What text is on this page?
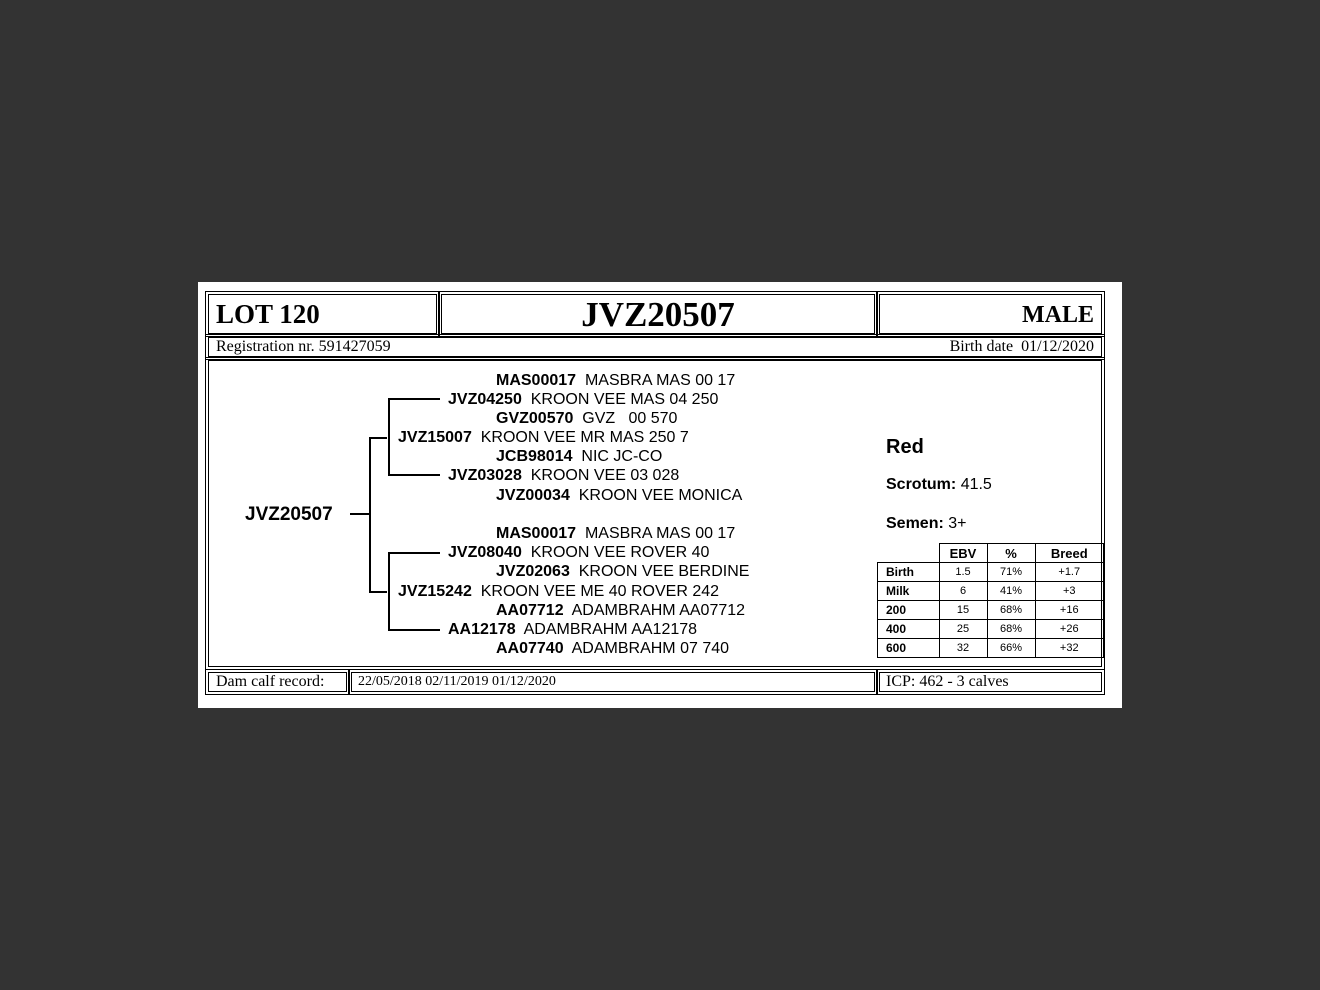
LOT 120	JVZ20507	MALE
Registration nr. 591427059	Birth date 01/12/2020
JVZ20507
MAS00017 MASBRA MAS 00 17
JVZ04250 KROON VEE MAS 04 250
GVZ00570 GVZ   00 570
JVZ15007 KROON VEE MR MAS 250 7
JCB98014 NIC JC-CO
JVZ03028 KROON VEE 03 028
JVZ00034 KROON VEE MONICA
MAS00017 MASBRA MAS 00 17
JVZ08040 KROON VEE ROVER 40
JVZ02063 KROON VEE BERDINE
JVZ15242 KROON VEE ME 40 ROVER 242
AA07712 ADAMBRAHM AA07712
AA12178 ADAMBRAHM AA12178
AA07740 ADAMBRAHM 07 740
Red
Scrotum: 41.5
Semen: 3+
	EBV	%	Breed
Birth	1.5	71%	+1.7
Milk	6	41%	+3
200	15	68%	+16
400	25	68%	+26
600	32	66%	+32
Dam calf record: 22/05/2018 02/11/2019 01/12/2020	ICP: 462 - 3 calves
